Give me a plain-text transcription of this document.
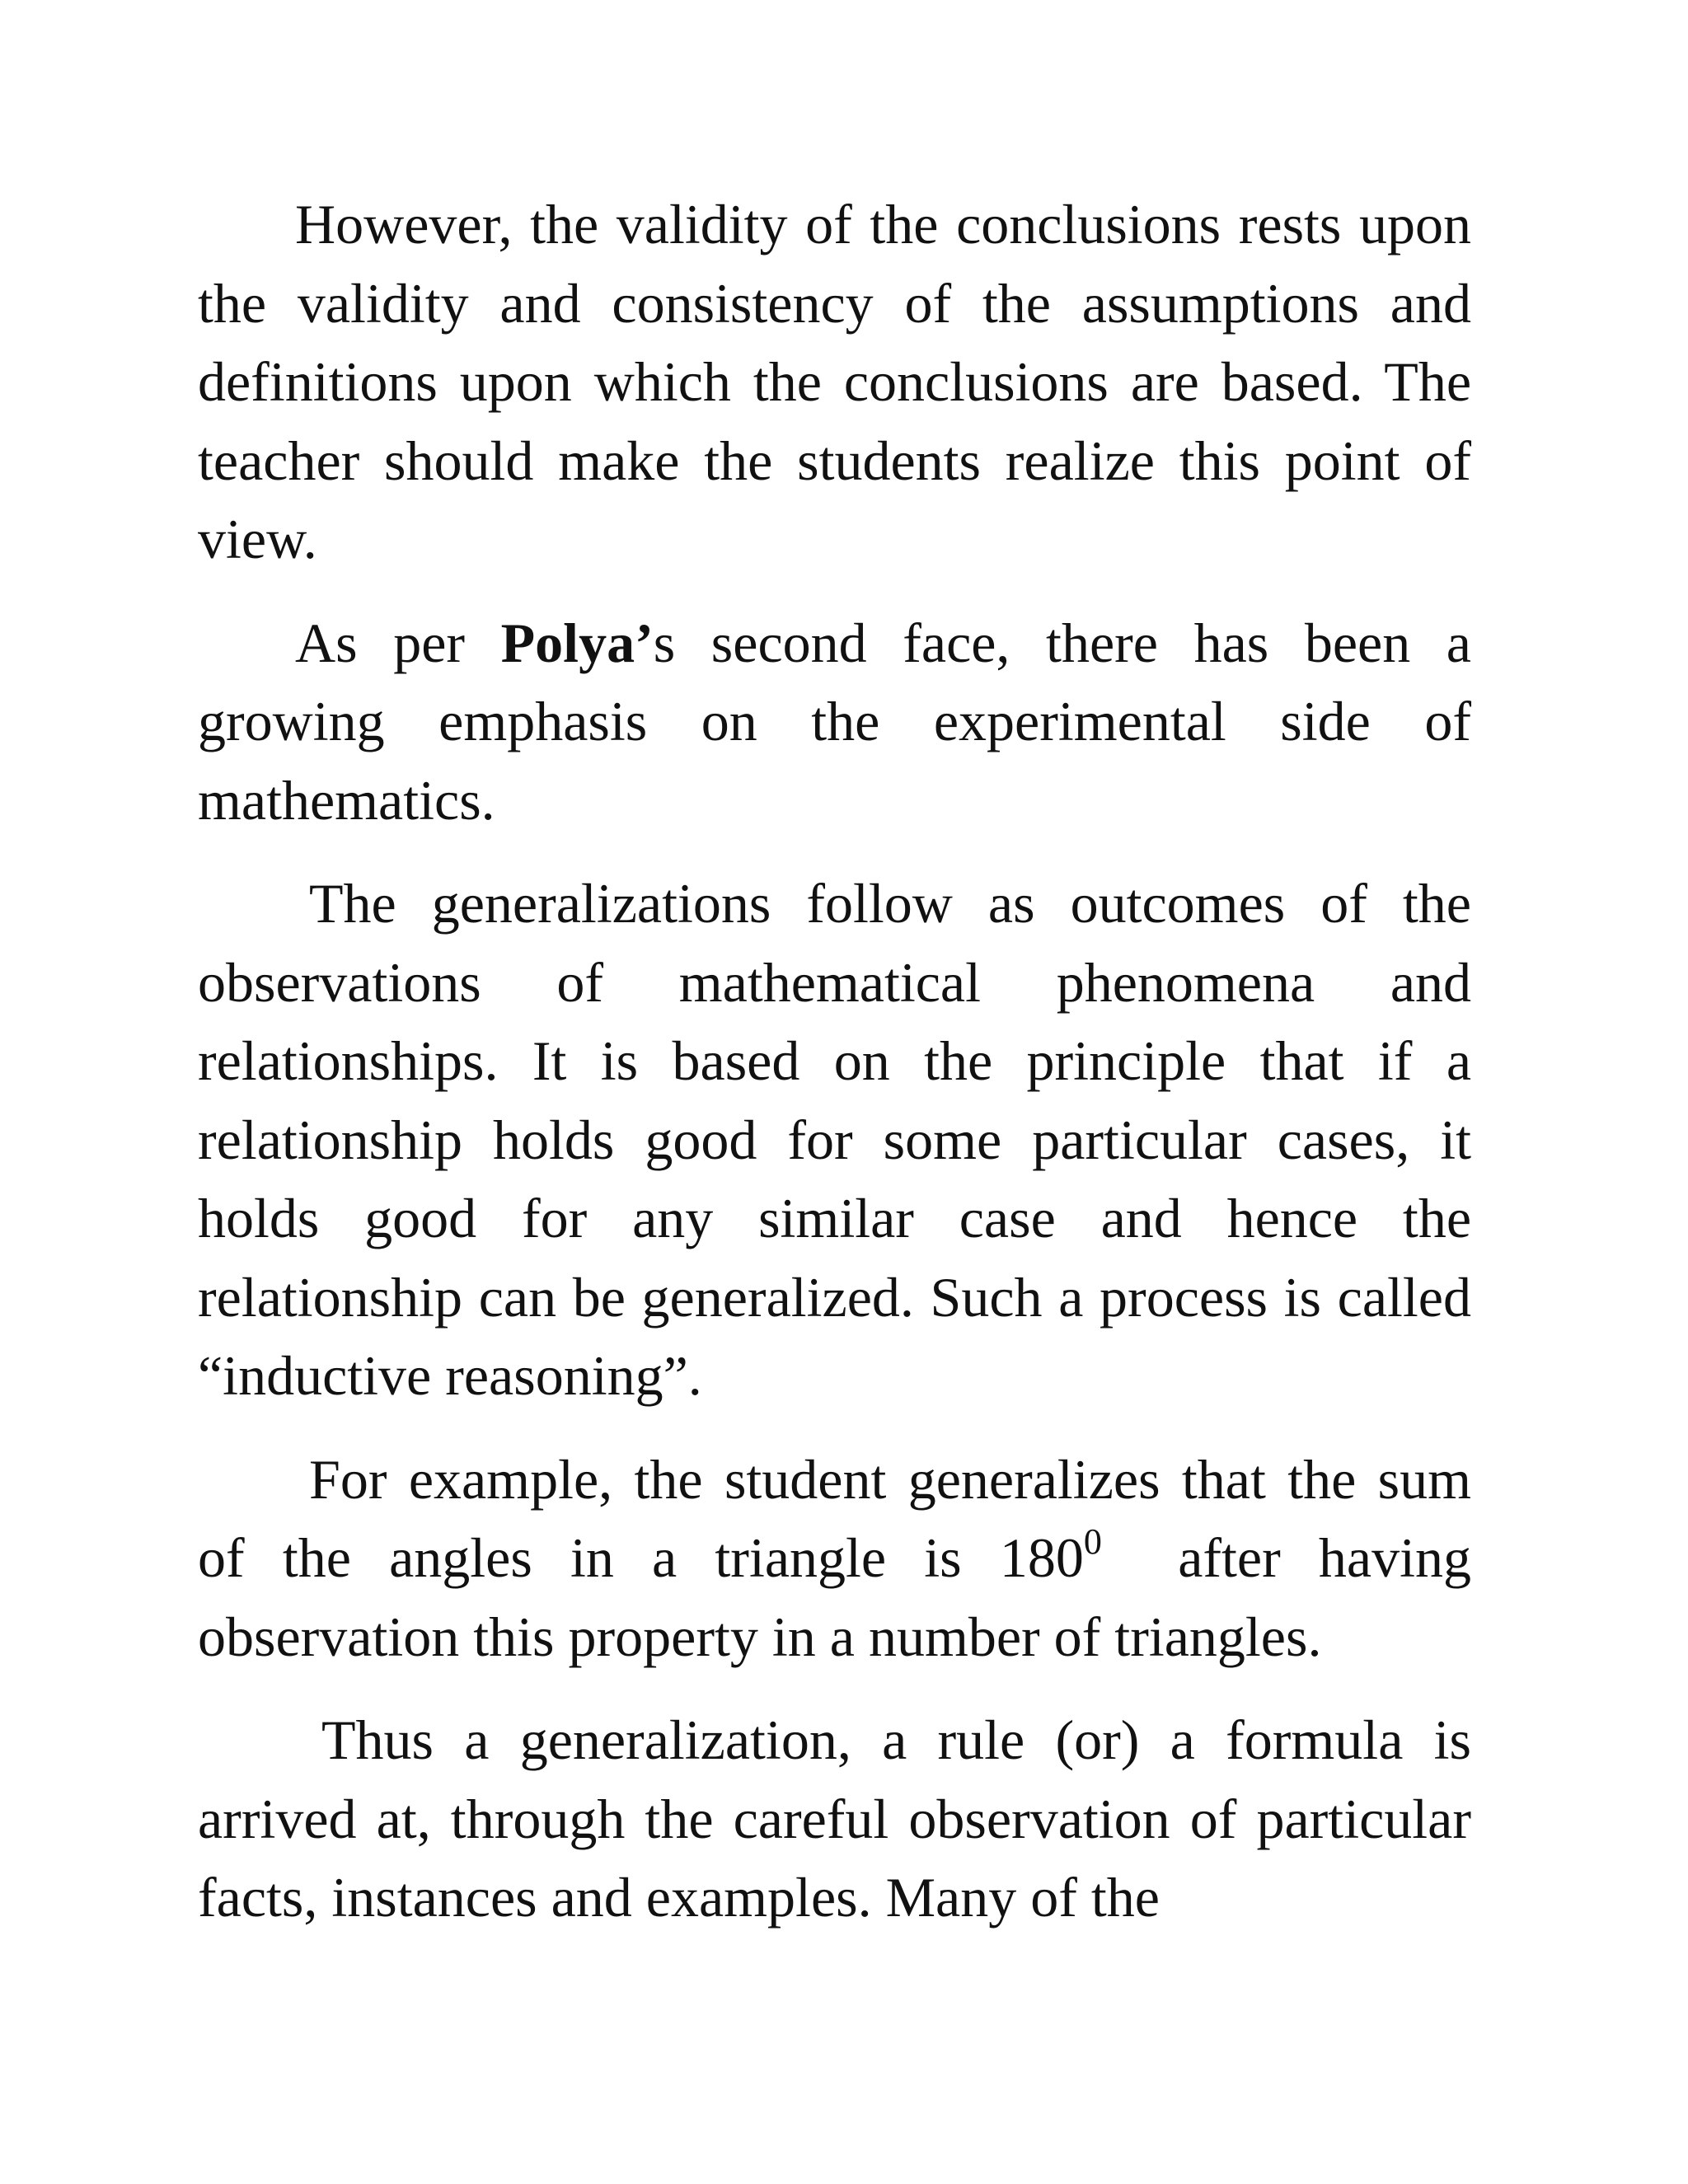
However, the validity of the conclusions rests upon the validity and consistency of the assumptions and definitions upon which the conclusions are based. The teacher should make the students realize this point of view.

As per Polya’s second face, there has been a growing emphasis on the experimental side of mathematics.

The generalizations follow as outcomes of the observations of mathematical phenomena and relationships. It is based on the principle that if a relationship holds good for some particular cases, it holds good for any similar case and hence the relationship can be generalized. Such a process is called “inductive reasoning”.

For example, the student generalizes that the sum of the angles in a triangle is $180^0$  after having observation this property in a number of triangles.

Thus a generalization, a rule (or) a formula is arrived at, through the careful observation of particular facts, instances and examples. Many of the
